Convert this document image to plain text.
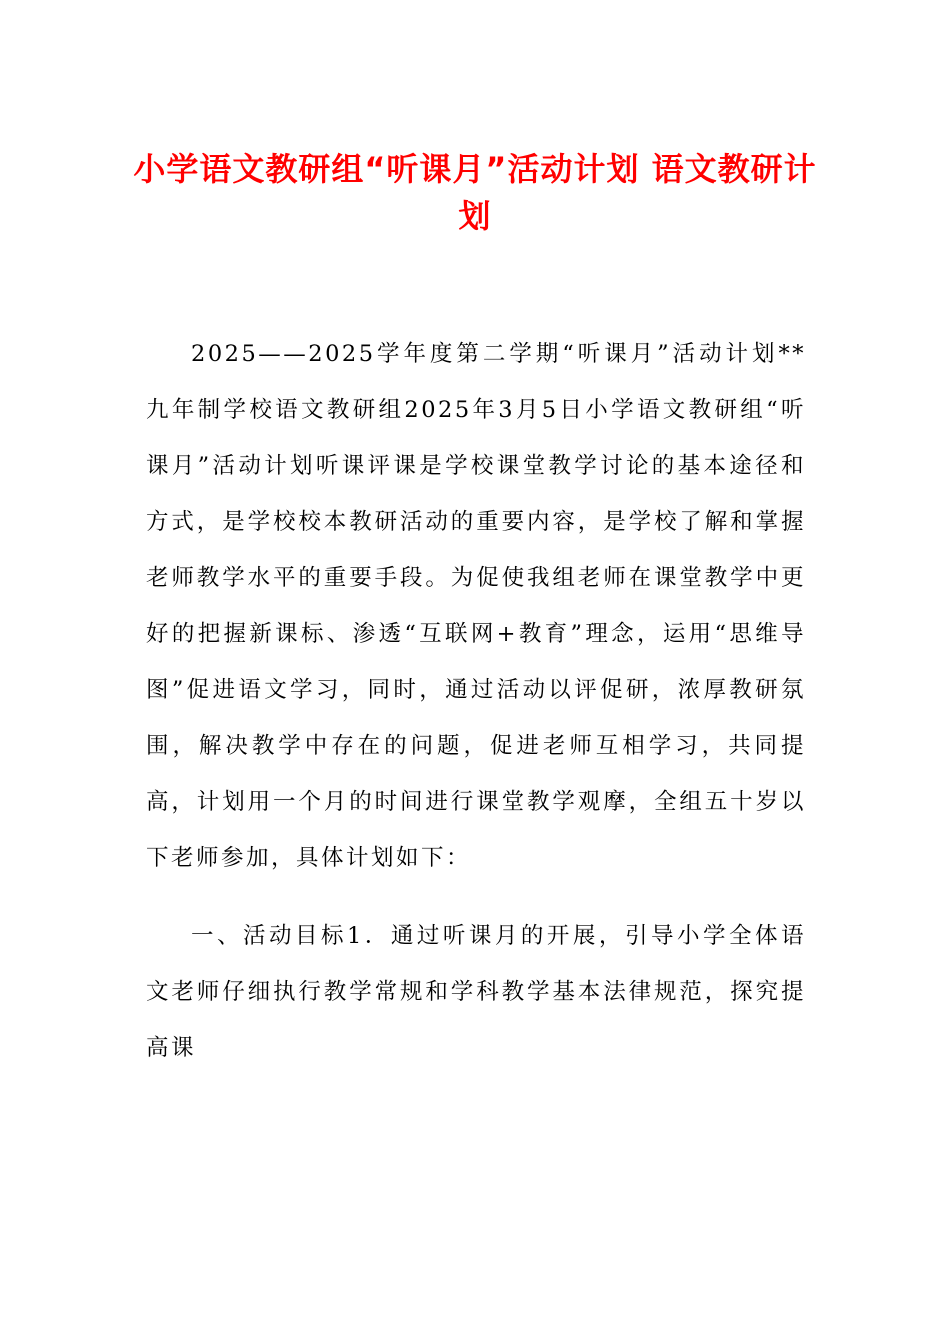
小学语文教研组“听课月”活动计划 语文教研计划

2025——2025学年度第二学期“听课月”活动计划**九年制学校语文教研组2025年3月5日小学语文教研组“听课月”活动计划听课评课是学校课堂教学讨论的基本途径和方式，是学校校本教研活动的重要内容，是学校了解和掌握老师教学水平的重要手段。为促使我组老师在课堂教学中更好的把握新课标、渗透“互联网+教育”理念，运用“思维导图”促进语文学习，同时，通过活动以评促研，浓厚教研氛围，解决教学中存在的问题，促进老师互相学习，共同提高，计划用一个月的时间进行课堂教学观摩，全组五十岁以下老师参加，具体计划如下：

一、活动目标1．通过听课月的开展，引导小学全体语文老师仔细执行教学常规和学科教学基本法律规范，探究提高课
